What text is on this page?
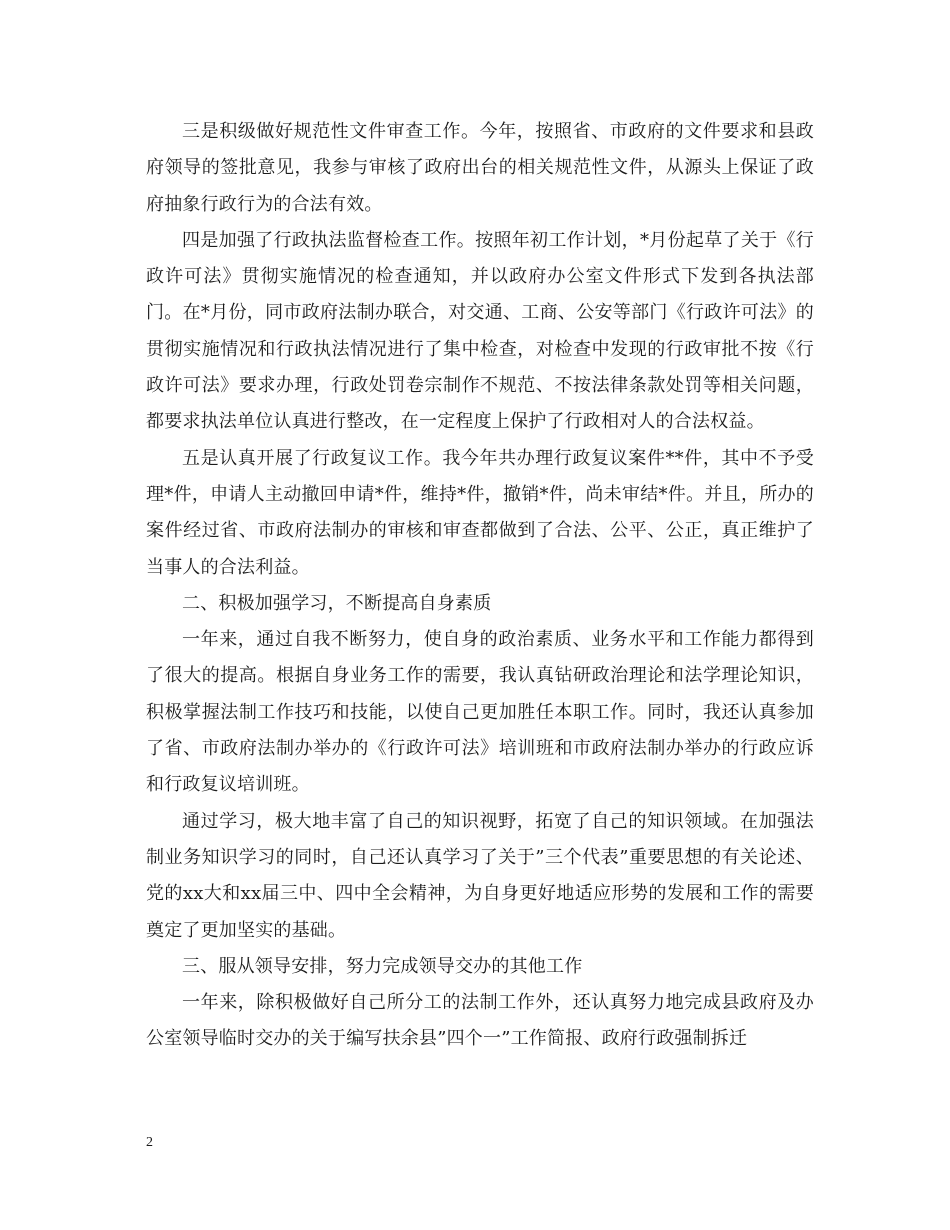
三是积级做好规范性文件审查工作。今年，按照省、市政府的文件要求和县政府领导的签批意见，我参与审核了政府出台的相关规范性文件，从源头上保证了政府抽象行政行为的合法有效。

四是加强了行政执法监督检查工作。按照年初工作计划，*月份起草了关于《行政许可法》贯彻实施情况的检查通知，并以政府办公室文件形式下发到各执法部门。在*月份，同市政府法制办联合，对交通、工商、公安等部门《行政许可法》的贯彻实施情况和行政执法情况进行了集中检查，对检查中发现的行政审批不按《行政许可法》要求办理，行政处罚卷宗制作不规范、不按法律条款处罚等相关问题，都要求执法单位认真进行整改，在一定程度上保护了行政相对人的合法权益。

五是认真开展了行政复议工作。我今年共办理行政复议案件**件，其中不予受理*件，申请人主动撤回申请*件，维持*件，撤销*件，尚未审结*件。并且，所办的案件经过省、市政府法制办的审核和审查都做到了合法、公平、公正，真正维护了当事人的合法利益。

二、积极加强学习，不断提高自身素质

一年来，通过自我不断努力，使自身的政治素质、业务水平和工作能力都得到了很大的提高。根据自身业务工作的需要，我认真钻研政治理论和法学理论知识，积极掌握法制工作技巧和技能，以使自己更加胜任本职工作。同时，我还认真参加了省、市政府法制办举办的《行政许可法》培训班和市政府法制办举办的行政应诉和行政复议培训班。

通过学习，极大地丰富了自己的知识视野，拓宽了自己的知识领域。在加强法制业务知识学习的同时，自己还认真学习了关于”三个代表”重要思想的有关论述、党的xx大和xx届三中、四中全会精神，为自身更好地适应形势的发展和工作的需要奠定了更加坚实的基础。

三、服从领导安排，努力完成领导交办的其他工作

一年来，除积极做好自己所分工的法制工作外，还认真努力地完成县政府及办公室领导临时交办的关于编写扶余县”四个一”工作简报、政府行政强制拆迁

2
